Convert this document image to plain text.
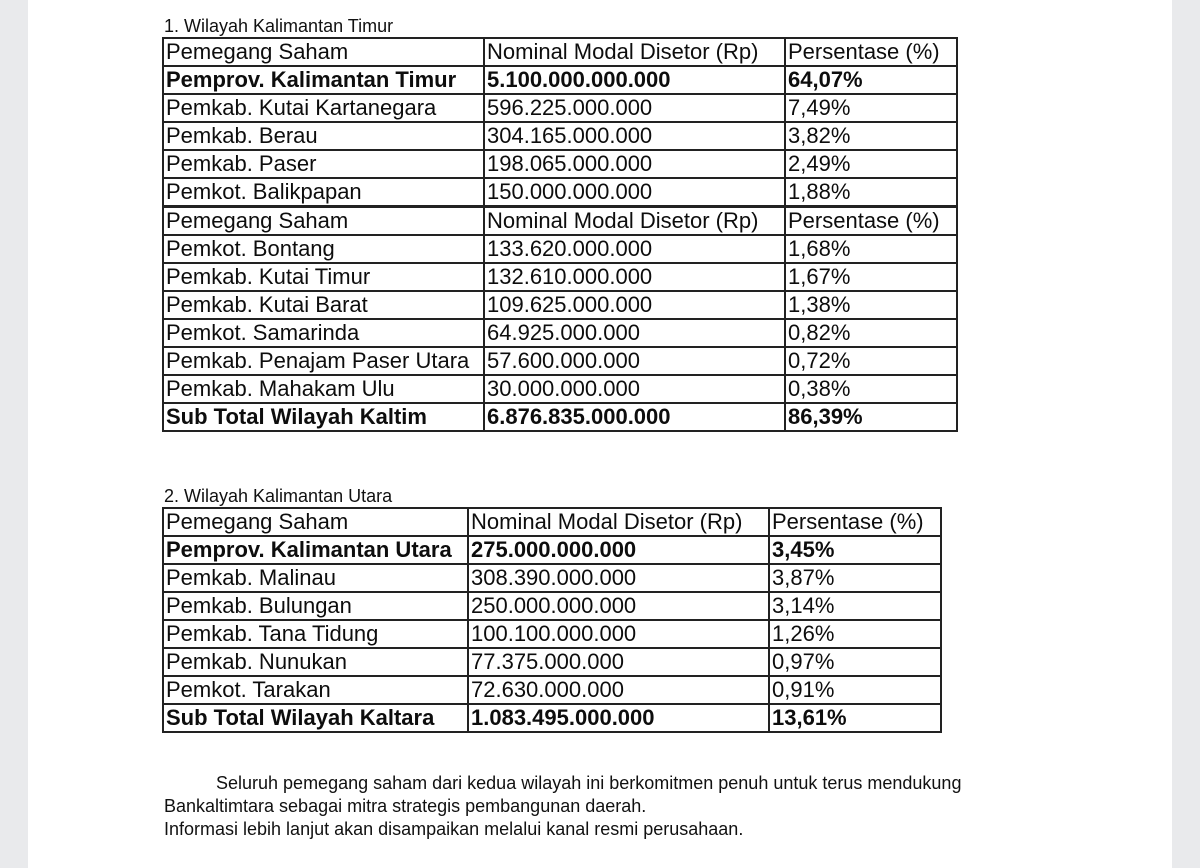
1. Wilayah Kalimantan Timur
Pemegang Saham	Nominal Modal Disetor (Rp)	Persentase (%)
Pemprov. Kalimantan Timur	5.100.000.000.000	64,07%
Pemkab. Kutai Kartanegara	596.225.000.000	7,49%
Pemkab. Berau	304.165.000.000	3,82%
Pemkab. Paser	198.065.000.000	2,49%
Pemkot. Balikpapan	150.000.000.000	1,88%
Pemegang Saham	Nominal Modal Disetor (Rp)	Persentase (%)
Pemkot. Bontang	133.620.000.000	1,68%
Pemkab. Kutai Timur	132.610.000.000	1,67%
Pemkab. Kutai Barat	109.625.000.000	1,38%
Pemkot. Samarinda	64.925.000.000	0,82%
Pemkab. Penajam Paser Utara	57.600.000.000	0,72%
Pemkab. Mahakam Ulu	30.000.000.000	0,38%
Sub Total Wilayah Kaltim	6.876.835.000.000	86,39%
2. Wilayah Kalimantan Utara
Pemegang Saham	Nominal Modal Disetor (Rp)	Persentase (%)
Pemprov. Kalimantan Utara	275.000.000.000	3,45%
Pemkab. Malinau	308.390.000.000	3,87%
Pemkab. Bulungan	250.000.000.000	3,14%
Pemkab. Tana Tidung	100.100.000.000	1,26%
Pemkab. Nunukan	77.375.000.000	0,97%
Pemkot. Tarakan	72.630.000.000	0,91%
Sub Total Wilayah Kaltara	1.083.495.000.000	13,61%
Seluruh pemegang saham dari kedua wilayah ini berkomitmen penuh untuk terus mendukung
Bankaltimtara sebagai mitra strategis pembangunan daerah.
Informasi lebih lanjut akan disampaikan melalui kanal resmi perusahaan.
